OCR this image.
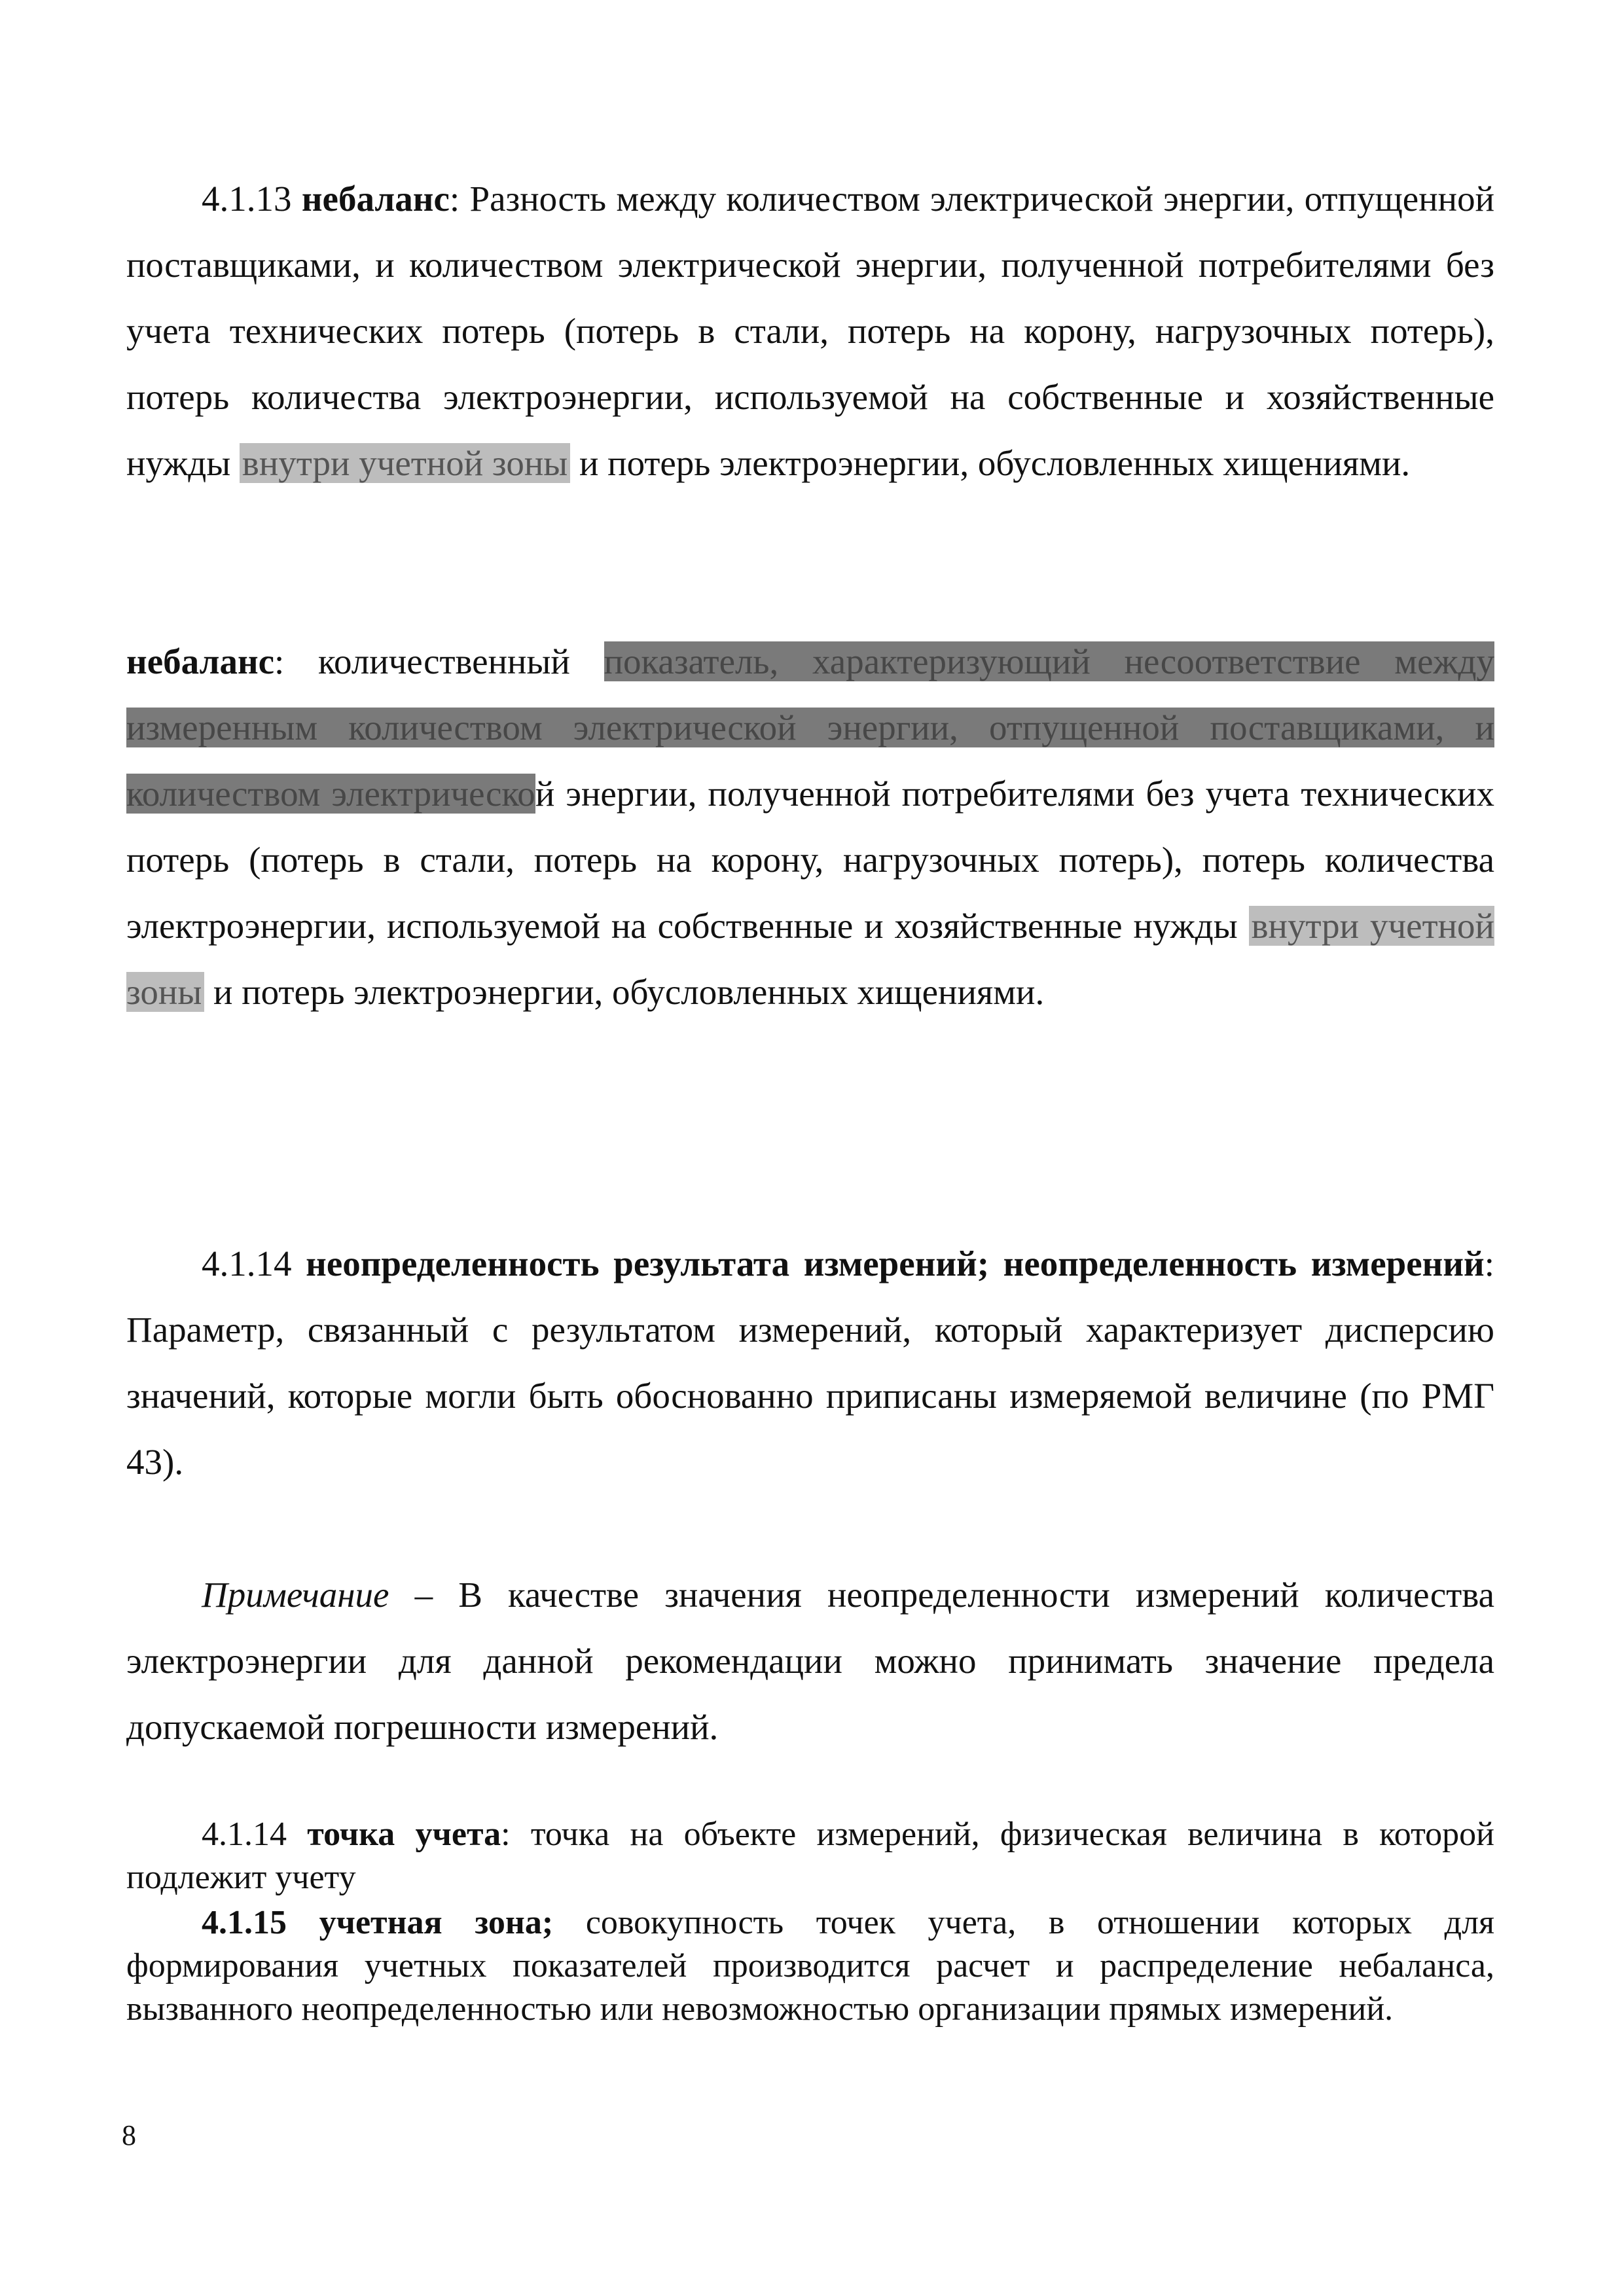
4.1.13 небаланс: Разность между количеством электрической энергии, отпущенной поставщиками, и количеством электрической энергии, полученной потребителями без учета технических потерь (потерь в стали, потерь на корону, нагрузочных потерь), потерь количества электроэнергии, используемой на собственные и хозяйственные нужды внутри учетной зоны и потерь электроэнергии, обусловленных хищениями.

небаланс: количественный показатель, характеризующий несоответствие между измеренным количеством электрической энергии, отпущенной поставщиками, и количеством электрической энергии, полученной потребителями без учета технических потерь (потерь в стали, потерь на корону, нагрузочных потерь), потерь количества электроэнергии, используемой на собственные и хозяйственные нужды внутри учетной зоны и потерь электроэнергии, обусловленных хищениями.

4.1.14 неопределенность результата измерений; неопределенность измерений: Параметр, связанный с результатом измерений, который характеризует дисперсию значений, которые могли быть обоснованно приписаны измеряемой величине (по РМГ 43).

Примечание – В качестве значения неопределенности измерений количества электроэнергии для данной рекомендации можно принимать значение предела допускаемой погрешности измерений.

4.1.14 точка учета: точка на объекте измерений, физическая величина в которой подлежит учету

4.1.15 учетная зона; совокупность точек учета, в отношении которых для формирования учетных показателей производится расчет и распределение небаланса, вызванного неопределенностью или невозможностью организации прямых измерений.

8
